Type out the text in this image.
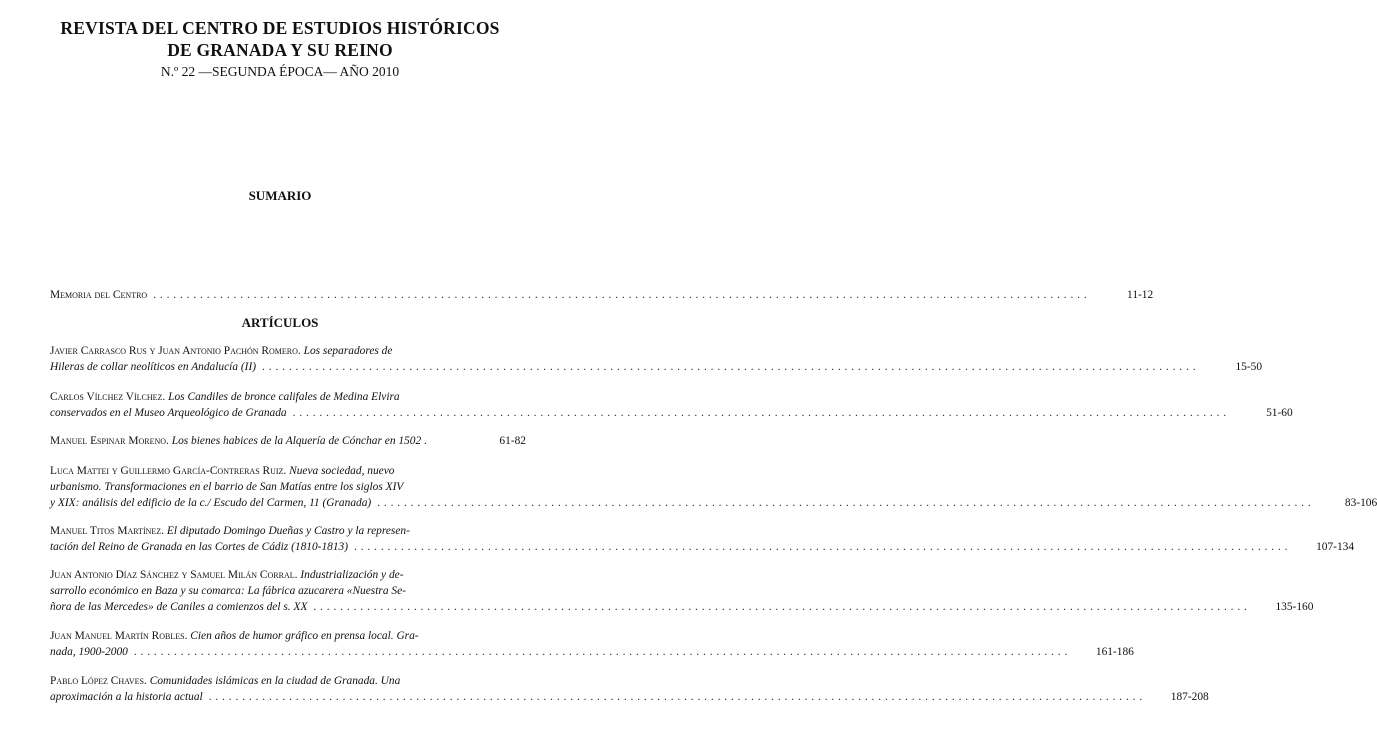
REVISTA DEL CENTRO DE ESTUDIOS HISTÓRICOS
DE GRANADA Y SU REINO
N.º 22 —SEGUNDA ÉPOCA— AÑO 2010
SUMARIO
Memoria del Centro . . .	11-12
ARTÍCULOS
Javier Carrasco Rus y Juan Antonio Pachón Romero. Los separadores de
Hileras de collar neolíticos en Andalucía (II) . . .	15-50
Carlos Vílchez Vílchez. Los Candiles de bronce califales de Medina Elvira
conservados en el Museo Arqueológico de Granada . . .	51-60
Manuel Espinar Moreno. Los bienes habices de la Alquería de Cónchar en 1502 .	61-82
Luca Mattei y Guillermo García-Contreras Ruiz. Nueva sociedad, nuevo
urbanismo. Transformaciones en el barrio de San Matías entre los siglos XIV
y XIX: análisis del edificio de la c./ Escudo del Carmen, 11 (Granada) . . .	83-106
Manuel Titos Martínez. El diputado Domingo Dueñas y Castro y la represen-
tación del Reino de Granada en las Cortes de Cádiz (1810-1813) . . .	107-134
Juan Antonio Díaz Sánchez y Samuel Milán Corral. Industrialización y de-
sarrollo económico en Baza y su comarca: La fábrica azucarera «Nuestra Se-
ñora de las Mercedes» de Caniles a comienzos del s. XX . . .	135-160
Juan Manuel Martín Robles. Cien años de humor gráfico en prensa local. Gra-
nada, 1900-2000 . . .	161-186
Pablo López Chaves. Comunidades islámicas en la ciudad de Granada. Una
aproximación a la historia actual . . .	187-208
